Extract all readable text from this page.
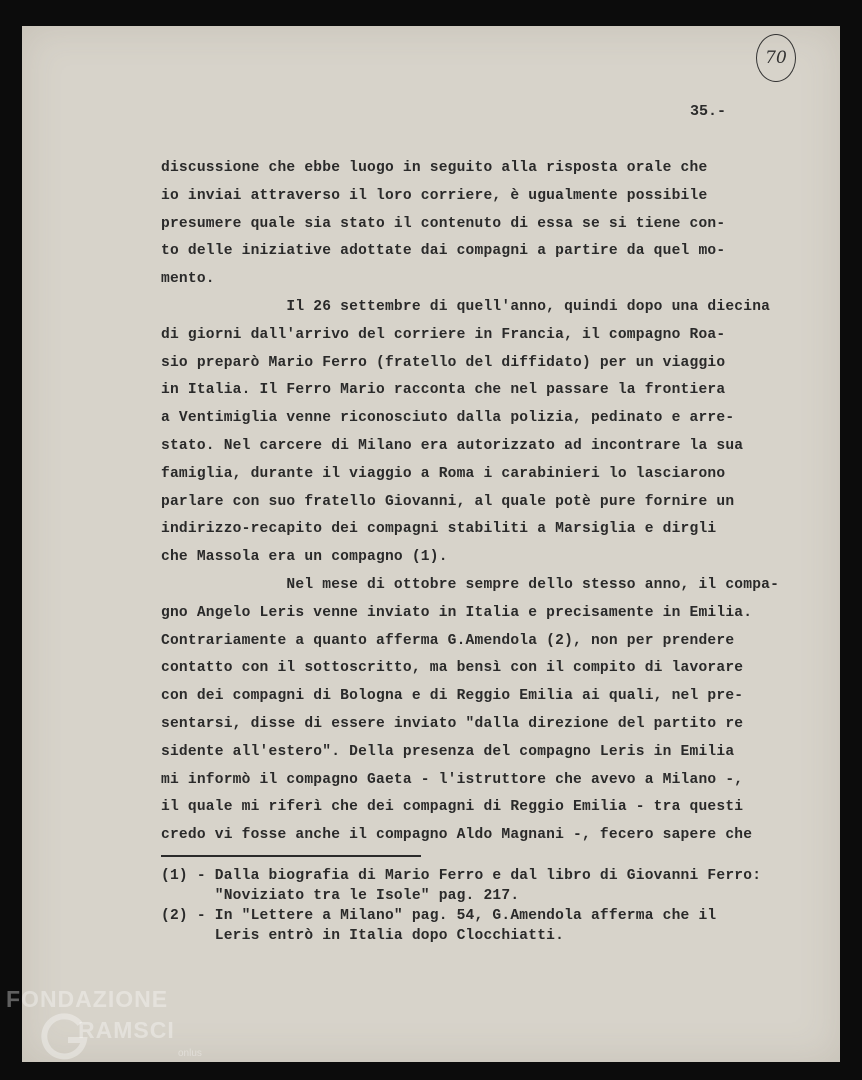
70
35.-
discussione che ebbe luogo in seguito alla risposta orale che
io inviai attraverso il loro corriere, è ugualmente possibile
presumere quale sia stato il contenuto di essa se si tiene con-
to delle iniziative adottate dai compagni a partire da quel mo-
mento.
Il 26 settembre di quell'anno, quindi dopo una diecina
di giorni dall'arrivo del corriere in Francia, il compagno Roa-
sio preparò Mario Ferro (fratello del diffidato) per un viaggio
in Italia. Il Ferro Mario racconta che nel passare la frontiera
a Ventimiglia venne riconosciuto dalla polizia, pedinato e arre-
stato. Nel carcere di Milano era autorizzato ad incontrare la sua
famiglia, durante il viaggio a Roma i carabinieri lo lasciarono
parlare con suo fratello Giovanni, al quale potè pure fornire un
indirizzo-recapito dei compagni stabiliti a Marsiglia e dirgli
che Massola era un compagno (1).
Nel mese di ottobre sempre dello stesso anno, il compa-
gno Angelo Leris venne inviato in Italia e precisamente in Emilia.
Contrariamente a quanto afferma G.Amendola (2), non per prendere
contatto con il sottoscritto, ma bensì con il compito di lavorare
con dei compagni di Bologna e di Reggio Emilia ai quali, nel pre-
sentarsi, disse di essere inviato "dalla direzione del partito re
sidente all'estero". Della presenza del compagno Leris in Emilia
mi informò il compagno Gaeta - l'istruttore che avevo a Milano -,
il quale mi riferì che dei compagni di Reggio Emilia - tra questi
credo vi fosse anche il compagno Aldo Magnani -, fecero sapere che
(1) - Dalla biografia di Mario Ferro e dal libro di Giovanni Ferro:
"Noviziato tra le Isole" pag. 217.
(2) - In "Lettere a Milano" pag. 54, G.Amendola afferma che il
Leris entrò in Italia dopo Clocchiatti.
FONDAZIONE
RAMSCI
onlus
